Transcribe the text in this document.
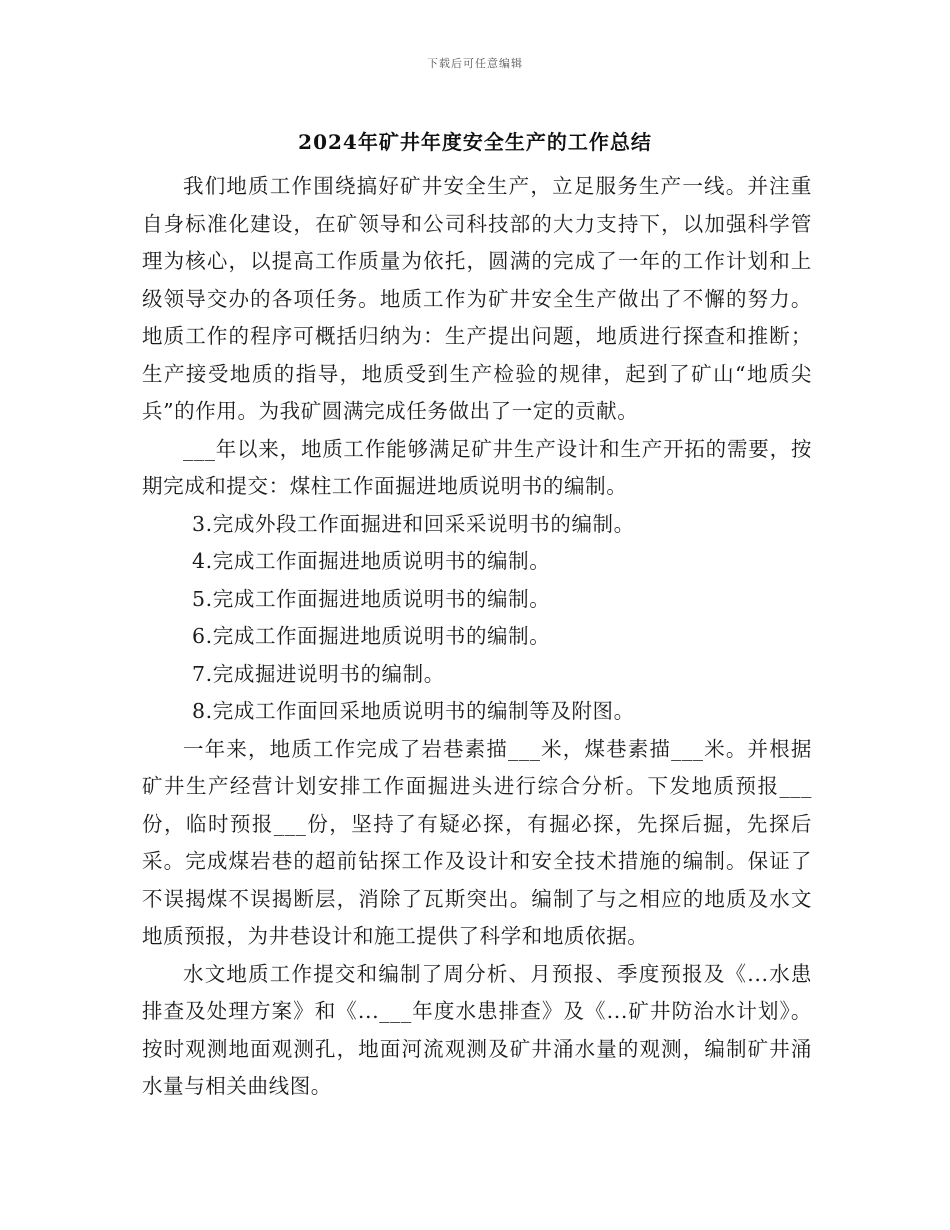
下载后可任意编辑
2024年矿井年度安全生产的工作总结

我们地质工作围绕搞好矿井安全生产，立足服务生产一线。并注重自身标准化建设，在矿领导和公司科技部的大力支持下，以加强科学管理为核心，以提高工作质量为依托，圆满的完成了一年的工作计划和上级领导交办的各项任务。地质工作为矿井安全生产做出了不懈的努力。地质工作的程序可概括归纳为：生产提出问题，地质进行探查和推断；生产接受地质的指导，地质受到生产检验的规律，起到了矿山“地质尖兵”的作用。为我矿圆满完成任务做出了一定的贡献。

___年以来，地质工作能够满足矿井生产设计和生产开拓的需要，按期完成和提交：煤柱工作面掘进地质说明书的编制。

3.完成外段工作面掘进和回采采说明书的编制。

4.完成工作面掘进地质说明书的编制。

5.完成工作面掘进地质说明书的编制。

6.完成工作面掘进地质说明书的编制。

7.完成掘进说明书的编制。

8.完成工作面回采地质说明书的编制等及附图。

一年来，地质工作完成了岩巷素描___米，煤巷素描___米。并根据矿井生产经营计划安排工作面掘进头进行综合分析。下发地质预报___份，临时预报___份，坚持了有疑必探，有掘必探，先探后掘，先探后采。完成煤岩巷的超前钻探工作及设计和安全技术措施的编制。保证了不误揭煤不误揭断层，消除了瓦斯突出。编制了与之相应的地质及水文地质预报，为井巷设计和施工提供了科学和地质依据。

水文地质工作提交和编制了周分析、月预报、季度预报及《...水患排查及处理方案》和《...___年度水患排查》及《...矿井防治水计划》。按时观测地面观测孔，地面河流观测及矿井涌水量的观测，编制矿井涌水量与相关曲线图。
